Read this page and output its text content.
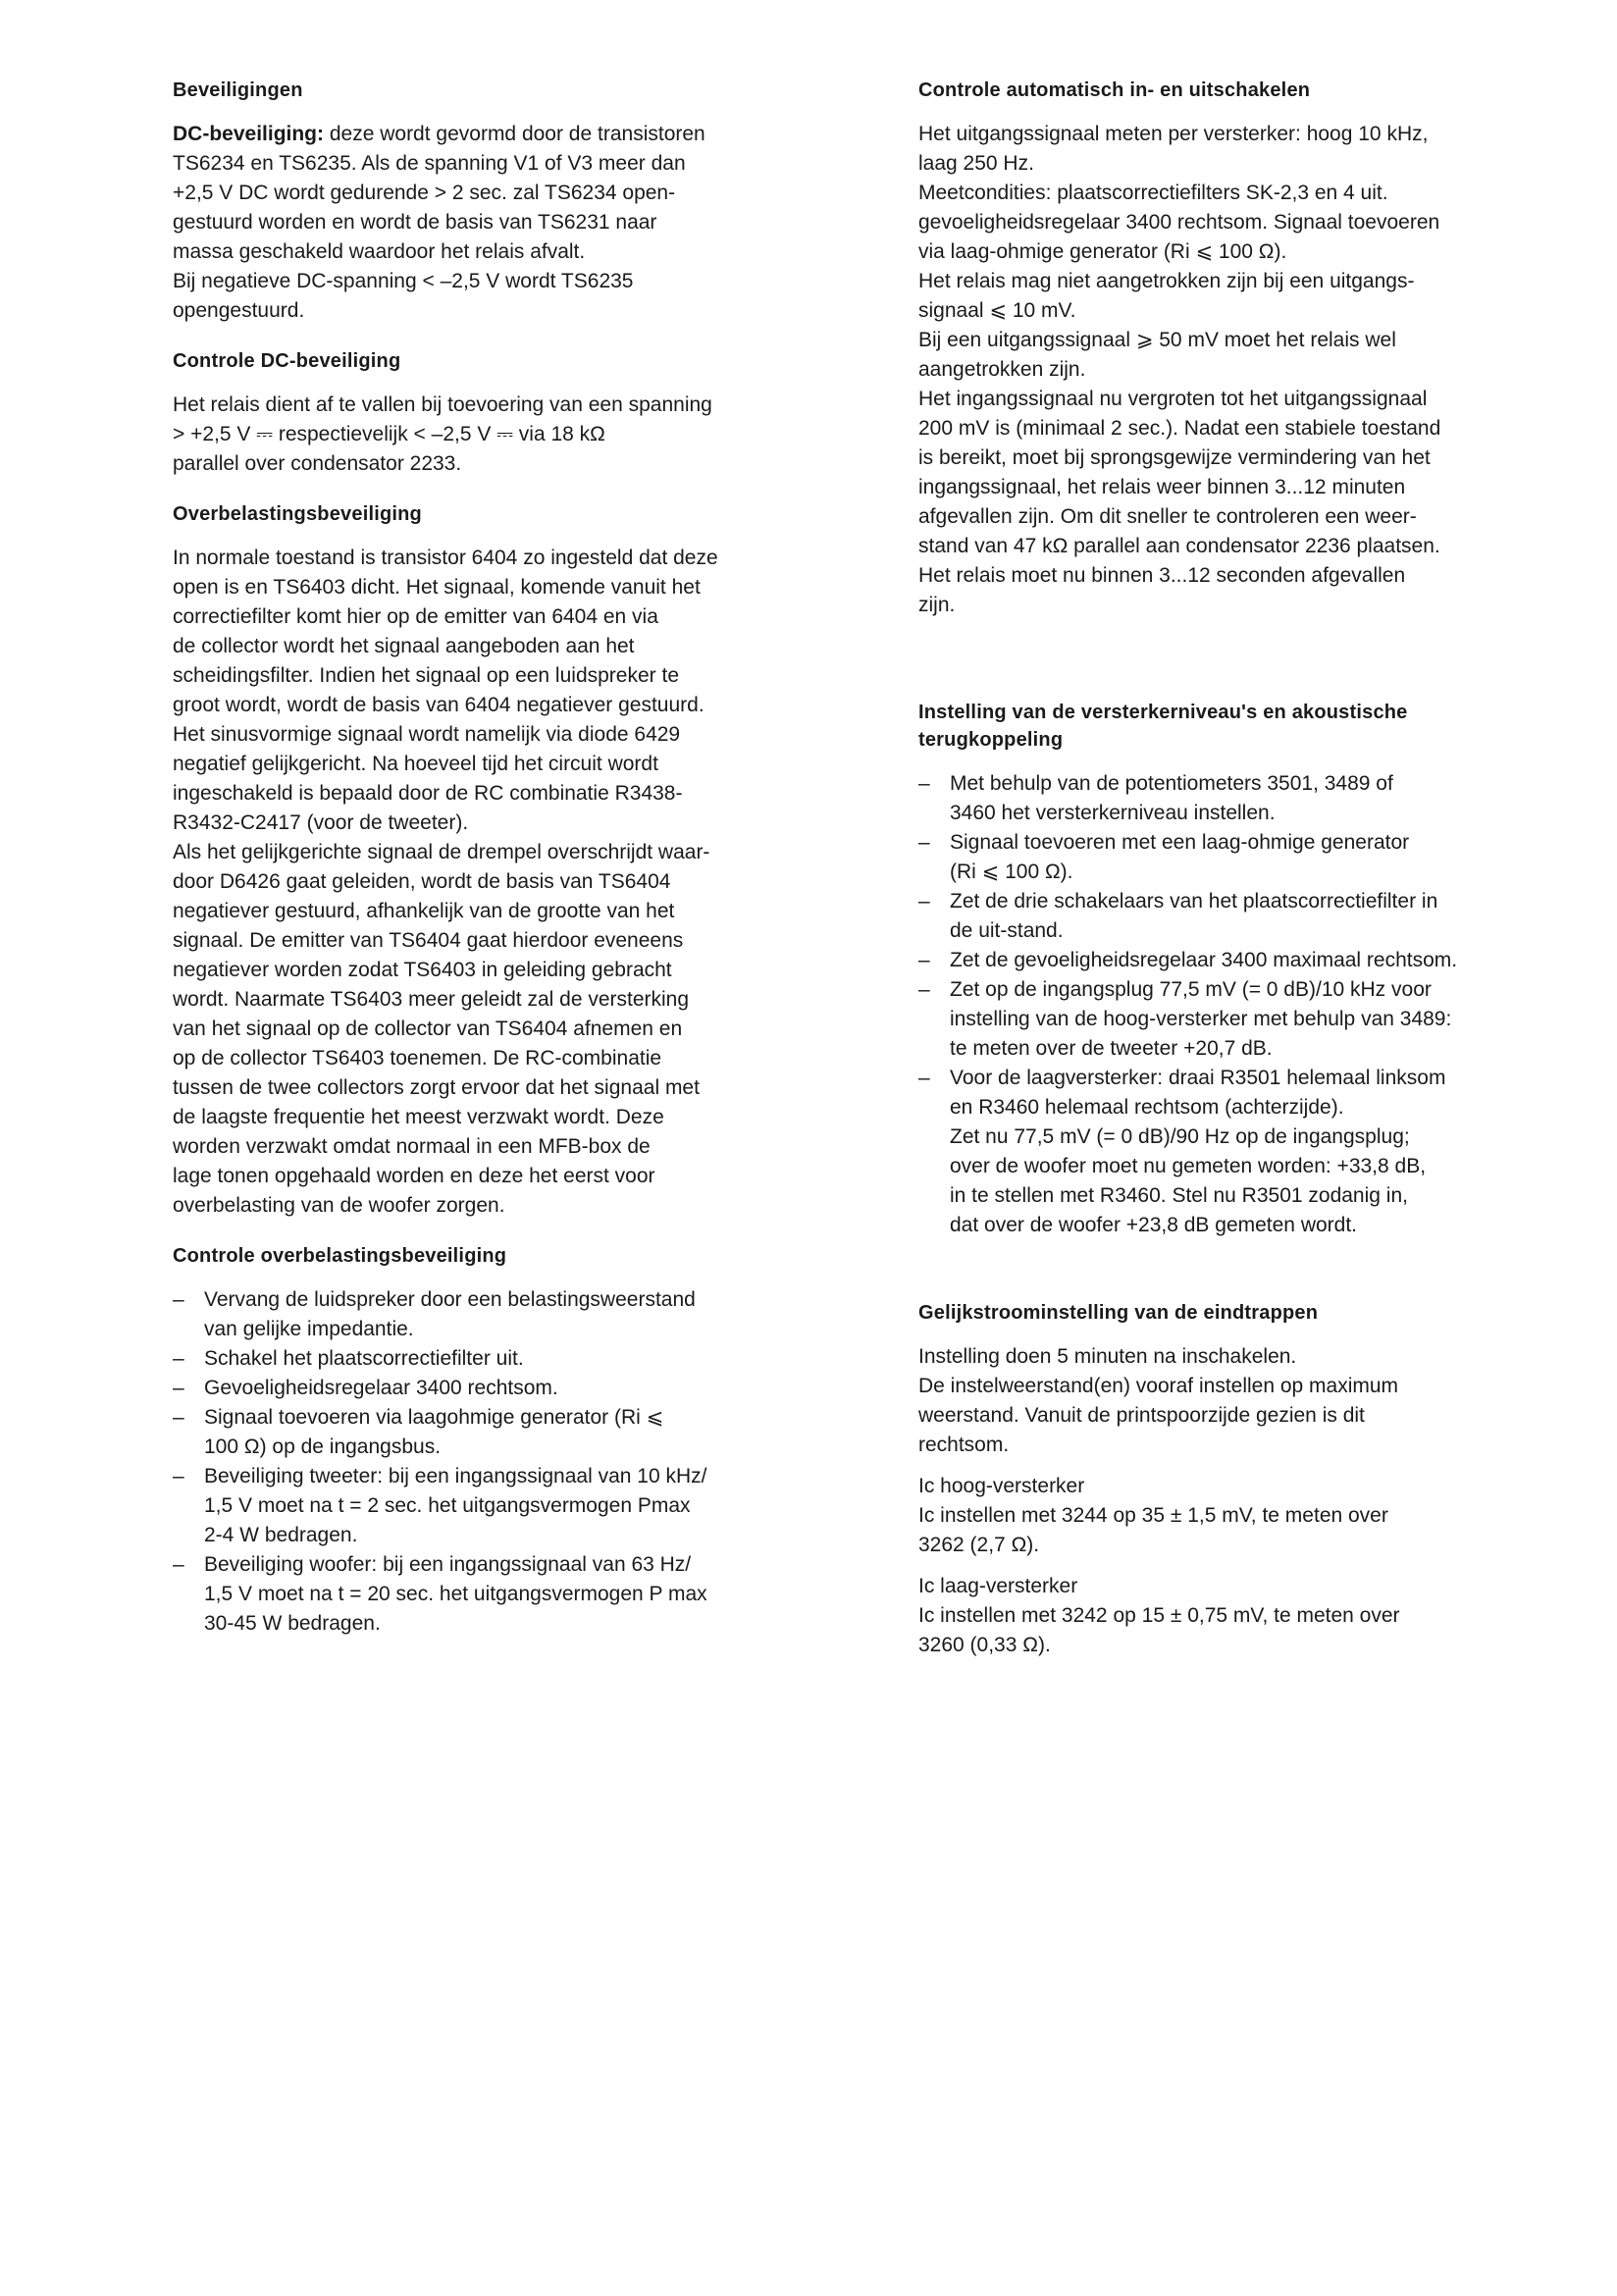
Beveiligingen

DC-beveiliging: deze wordt gevormd door de transistoren
TS6234 en TS6235. Als de spanning V1 of V3 meer dan
+2,5 V DC wordt gedurende > 2 sec. zal TS6234 open-
gestuurd worden en wordt de basis van TS6231 naar
massa geschakeld waardoor het relais afvalt.
Bij negatieve DC-spanning < –2,5 V wordt TS6235
opengestuurd.

Controle DC-beveiliging

Het relais dient af te vallen bij toevoering van een spanning
> +2,5 V ⎓ respectievelijk < –2,5 V ⎓ via 18 kΩ
parallel over condensator 2233.

Overbelastingsbeveiliging

In normale toestand is transistor 6404 zo ingesteld dat deze
open is en TS6403 dicht. Het signaal, komende vanuit het
correctiefilter komt hier op de emitter van 6404 en via
de collector wordt het signaal aangeboden aan het
scheidingsfilter. Indien het signaal op een luidspreker te
groot wordt, wordt de basis van 6404 negatiever gestuurd.
Het sinusvormige signaal wordt namelijk via diode 6429
negatief gelijkgericht. Na hoeveel tijd het circuit wordt
ingeschakeld is bepaald door de RC combinatie R3438-
R3432-C2417 (voor de tweeter).
Als het gelijkgerichte signaal de drempel overschrijdt waar-
door D6426 gaat geleiden, wordt de basis van TS6404
negatiever gestuurd, afhankelijk van de grootte van het
signaal. De emitter van TS6404 gaat hierdoor eveneens
negatiever worden zodat TS6403 in geleiding gebracht
wordt. Naarmate TS6403 meer geleidt zal de versterking
van het signaal op de collector van TS6404 afnemen en
op de collector TS6403 toenemen. De RC-combinatie
tussen de twee collectors zorgt ervoor dat het signaal met
de laagste frequentie het meest verzwakt wordt. Deze
worden verzwakt omdat normaal in een MFB-box de
lage tonen opgehaald worden en deze het eerst voor
overbelasting van de woofer zorgen.

Controle overbelastingsbeveiliging
– Vervang de luidspreker door een belastingsweerstand
van gelijke impedantie.
– Schakel het plaatscorrectiefilter uit.
– Gevoeligheidsregelaar 3400 rechtsom.
– Signaal toevoeren via laagohmige generator (Ri ⩽
100 Ω) op de ingangsbus.
– Beveiliging tweeter: bij een ingangssignaal van 10 kHz/
1,5 V moet na t = 2 sec. het uitgangsvermogen Pmax
2-4 W bedragen.
– Beveiliging woofer: bij een ingangssignaal van 63 Hz/
1,5 V moet na t = 20 sec. het uitgangsvermogen P max
30-45 W bedragen.
Controle automatisch in- en uitschakelen

Het uitgangssignaal meten per versterker: hoog 10 kHz,
laag 250 Hz.
Meetcondities: plaatscorrectiefilters SK-2,3 en 4 uit.
gevoeligheidsregelaar 3400 rechtsom. Signaal toevoeren
via laag-ohmige generator (Ri ⩽ 100 Ω).
Het relais mag niet aangetrokken zijn bij een uitgangs-
signaal ⩽ 10 mV.
Bij een uitgangssignaal ⩾ 50 mV moet het relais wel
aangetrokken zijn.
Het ingangssignaal nu vergroten tot het uitgangssignaal
200 mV is (minimaal 2 sec.). Nadat een stabiele toestand
is bereikt, moet bij sprongsgewijze vermindering van het
ingangssignaal, het relais weer binnen 3...12 minuten
afgevallen zijn. Om dit sneller te controleren een weer-
stand van 47 kΩ parallel aan condensator 2236 plaatsen.
Het relais moet nu binnen 3...12 seconden afgevallen
zijn.

Instelling van de versterkerniveau's en akoustische
terugkoppeling
– Met behulp van de potentiometers 3501, 3489 of
3460 het versterkerniveau instellen.
– Signaal toevoeren met een laag-ohmige generator
(Ri ⩽ 100 Ω).
– Zet de drie schakelaars van het plaatscorrectiefilter in
de uit-stand.
– Zet de gevoeligheidsregelaar 3400 maximaal rechtsom.
– Zet op de ingangsplug 77,5 mV (= 0 dB)/10 kHz voor
instelling van de hoog-versterker met behulp van 3489:
te meten over de tweeter +20,7 dB.
– Voor de laagversterker: draai R3501 helemaal linksom
en R3460 helemaal rechtsom (achterzijde).
Zet nu 77,5 mV (= 0 dB)/90 Hz op de ingangsplug;
over de woofer moet nu gemeten worden: +33,8 dB,
in te stellen met R3460. Stel nu R3501 zodanig in,
dat over de woofer +23,8 dB gemeten wordt.
Gelijkstroominstelling van de eindtrappen

Instelling doen 5 minuten na inschakelen.
De instelweerstand(en) vooraf instellen op maximum
weerstand. Vanuit de printspoorzijde gezien is dit
rechtsom.

Ic hoog-versterker
Ic instellen met 3244 op 35 ± 1,5 mV, te meten over
3262 (2,7 Ω).

Ic laag-versterker
Ic instellen met 3242 op 15 ± 0,75 mV, te meten over
3260 (0,33 Ω).
